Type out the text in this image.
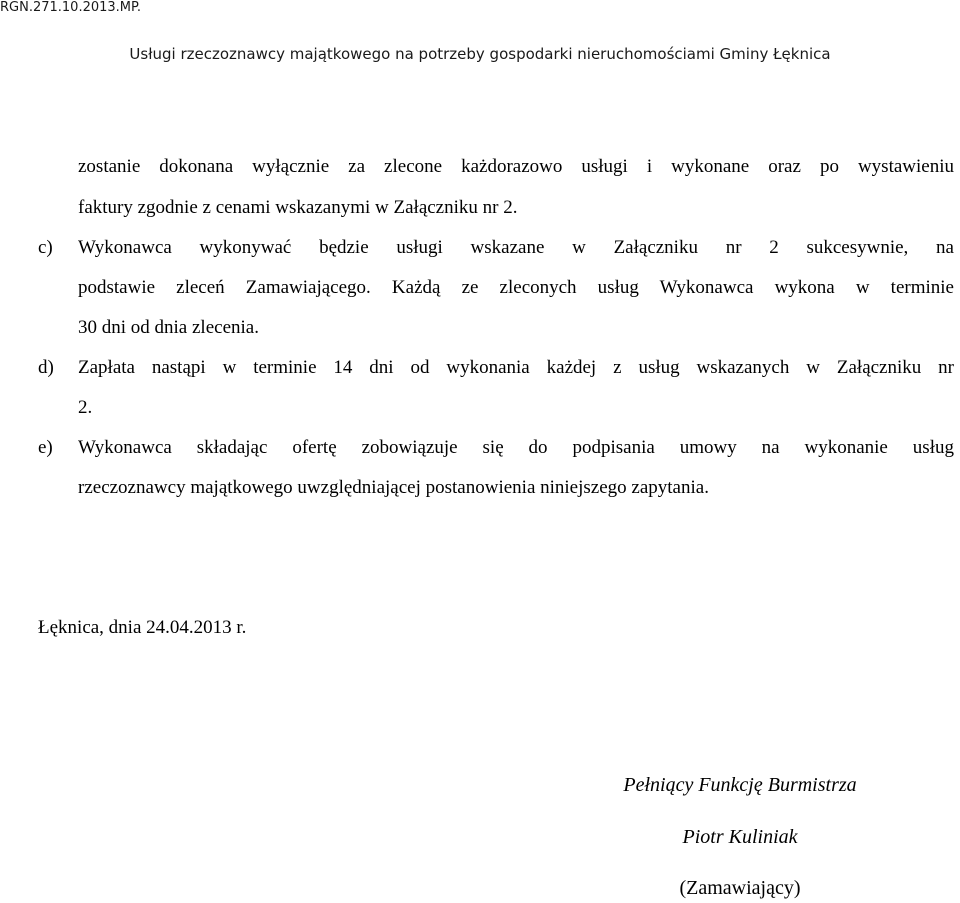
RGN.271.10.2013.MP.
Usługi rzeczoznawcy majątkowego na potrzeby gospodarki nieruchomościami Gminy Łęknica
zostanie dokonana wyłącznie za zlecone każdorazowo usługi i wykonane oraz po wystawieniu
faktury zgodnie z cenami wskazanymi w Załączniku nr 2.
c) Wykonawca wykonywać będzie usługi wskazane w Załączniku nr 2 sukcesywnie, na
podstawie zleceń Zamawiającego. Każdą ze zleconych usług Wykonawca wykona w terminie
30 dni od dnia zlecenia.
d) Zapłata nastąpi w terminie 14 dni od wykonania każdej z usług wskazanych w Załączniku nr
2.
e) Wykonawca składając ofertę zobowiązuje się do podpisania umowy na wykonanie usług
rzeczoznawcy majątkowego uwzględniającej postanowienia niniejszego zapytania.
Łęknica, dnia 24.04.2013 r.
Pełniący Funkcję Burmistrza
Piotr Kuliniak
(Zamawiający)
